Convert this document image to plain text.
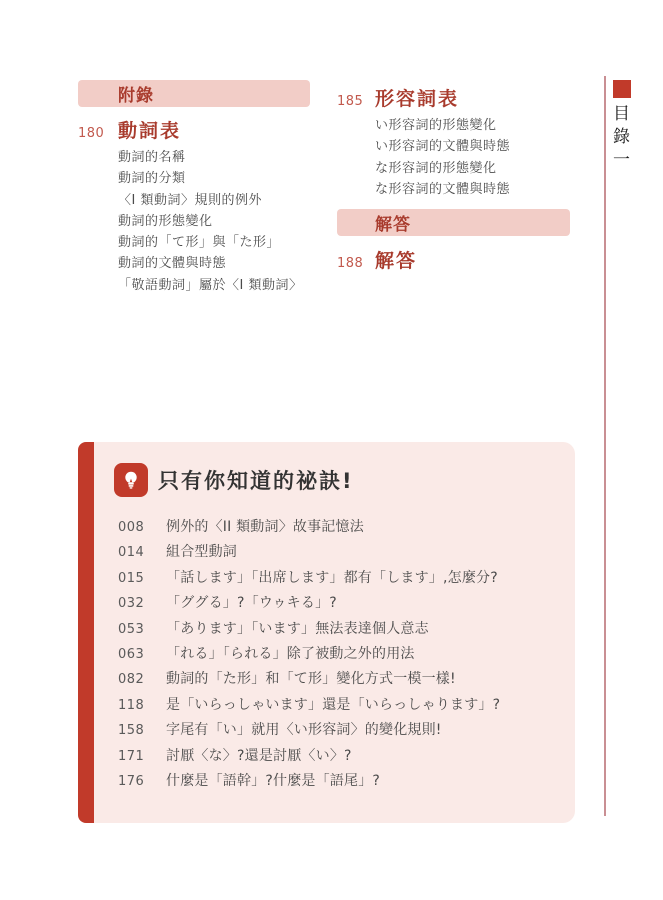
附錄
180 動詞表
動詞的名稱
動詞的分類
〈I 類動詞〉規則的例外
動詞的形態變化
動詞的「て形」與「た形」
動詞的文體與時態
「敬語動詞」屬於〈I 類動詞〉
185 形容詞表
い形容詞的形態變化
い形容詞的文體與時態
な形容詞的形態變化
な形容詞的文體與時態
解答
188 解答
只有你知道的祕訣!
008	例外的〈II 類動詞〉故事記憶法
014	組合型動詞
015	「話します」「出席します」都有「します」,怎麼分?
032	「ググる」?「ウゥキる」?
053	「あります」「います」無法表達個人意志
063	「れる」「られる」除了被動之外的用法
082	動詞的「た形」和「て形」變化方式一模一樣!
118	是「いらっしゃいます」還是「いらっしゃります」?
158	字尾有「い」就用〈い形容詞〉的變化規則!
171	討厭〈な〉?還是討厭〈い〉?
176	什麼是「語幹」?什麼是「語尾」?
目錄一
